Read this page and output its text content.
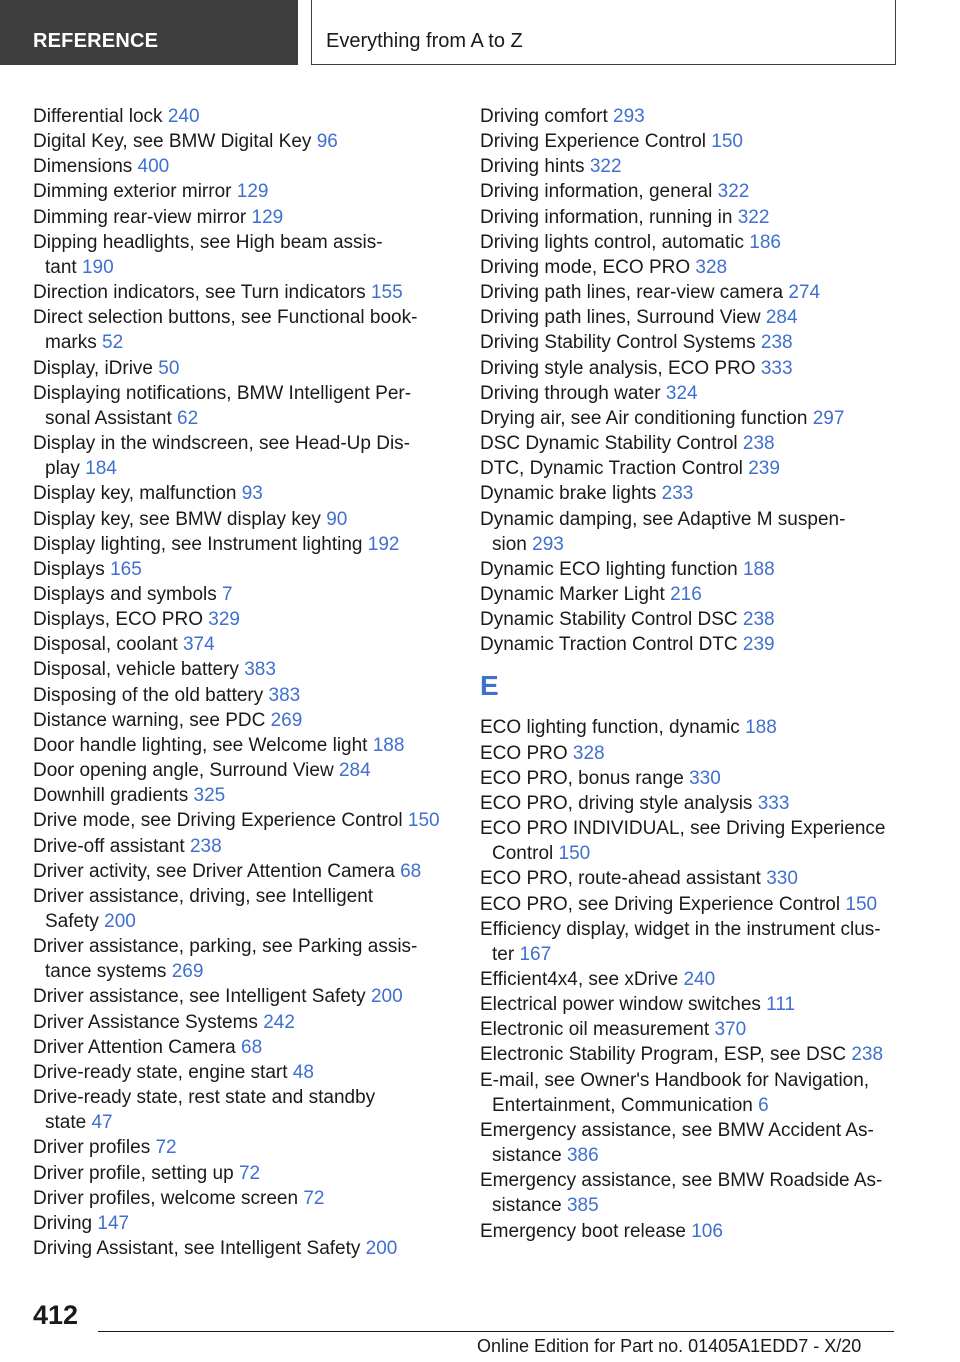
REFERENCE	Everything from A to Z
Differential lock 240
Digital Key, see BMW Digital Key 96
Dimensions 400
Dimming exterior mirror 129
Dimming rear-view mirror 129
Dipping headlights, see High beam assis-
tant 190
Direction indicators, see Turn indicators 155
Direct selection buttons, see Functional book-
marks 52
Display, iDrive 50
Displaying notifications, BMW Intelligent Per-
sonal Assistant 62
Display in the windscreen, see Head-Up Dis-
play 184
Display key, malfunction 93
Display key, see BMW display key 90
Display lighting, see Instrument lighting 192
Displays 165
Displays and symbols 7
Displays, ECO PRO 329
Disposal, coolant 374
Disposal, vehicle battery 383
Disposing of the old battery 383
Distance warning, see PDC 269
Door handle lighting, see Welcome light 188
Door opening angle, Surround View 284
Downhill gradients 325
Drive mode, see Driving Experience Control 150
Drive-off assistant 238
Driver activity, see Driver Attention Camera 68
Driver assistance, driving, see Intelligent
Safety 200
Driver assistance, parking, see Parking assis-
tance systems 269
Driver assistance, see Intelligent Safety 200
Driver Assistance Systems 242
Driver Attention Camera 68
Drive-ready state, engine start 48
Drive-ready state, rest state and standby
state 47
Driver profiles 72
Driver profile, setting up 72
Driver profiles, welcome screen 72
Driving 147
Driving Assistant, see Intelligent Safety 200
Driving comfort 293
Driving Experience Control 150
Driving hints 322
Driving information, general 322
Driving information, running in 322
Driving lights control, automatic 186
Driving mode, ECO PRO 328
Driving path lines, rear-view camera 274
Driving path lines, Surround View 284
Driving Stability Control Systems 238
Driving style analysis, ECO PRO 333
Driving through water 324
Drying air, see Air conditioning function 297
DSC Dynamic Stability Control 238
DTC, Dynamic Traction Control 239
Dynamic brake lights 233
Dynamic damping, see Adaptive M suspen-
sion 293
Dynamic ECO lighting function 188
Dynamic Marker Light 216
Dynamic Stability Control DSC 238
Dynamic Traction Control DTC 239
E
ECO lighting function, dynamic 188
ECO PRO 328
ECO PRO, bonus range 330
ECO PRO, driving style analysis 333
ECO PRO INDIVIDUAL, see Driving Experience
Control 150
ECO PRO, route-ahead assistant 330
ECO PRO, see Driving Experience Control 150
Efficiency display, widget in the instrument clus-
ter 167
Efficient4x4, see xDrive 240
Electrical power window switches 111
Electronic oil measurement 370
Electronic Stability Program, ESP, see DSC 238
E-mail, see Owner's Handbook for Navigation,
Entertainment, Communication 6
Emergency assistance, see BMW Accident As-
sistance 386
Emergency assistance, see BMW Roadside As-
sistance 385
Emergency boot release 106
412
Online Edition for Part no. 01405A1EDD7 - X/20
